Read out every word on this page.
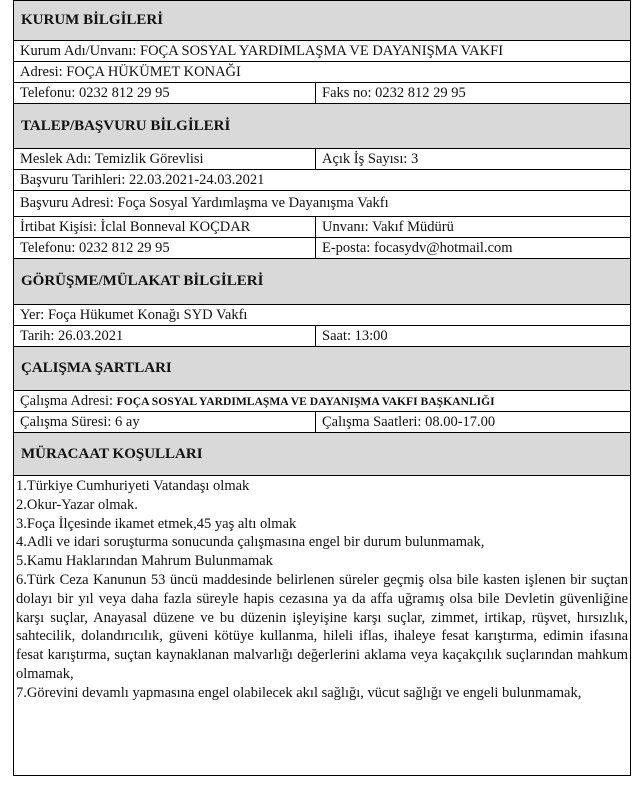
KURUM BİLGİLERİ
Kurum Adı/Unvanı: FOÇA SOSYAL YARDIMLAŞMA VE DAYANIŞMA VAKFI
Adresi: FOÇA HÜKÜMET KONAĞI
Telefonu: 0232 812 29 95	Faks no: 0232 812 29 95
TALEP/BAŞVURU BİLGİLERİ
Meslek Adı: Temizlik Görevlisi	Açık İş Sayısı: 3
Başvuru Tarihleri: 22.03.2021-24.03.2021
Başvuru Adresi: Foça Sosyal Yardımlaşma ve Dayanışma Vakfı
İrtibat Kişisi: İclal Bonneval KOÇDAR	Unvanı: Vakıf Müdürü
Telefonu: 0232 812 29 95	E-posta: focasydv@hotmail.com
GÖRÜŞME/MÜLAKAT BİLGİLERİ
Yer: Foça Hükumet Konağı SYD Vakfı
Tarih: 26.03.2021	Saat: 13:00
ÇALIŞMA ŞARTLARI
Çalışma Adresi: FOÇA SOSYAL YARDIMLAŞMA VE DAYANIŞMA VAKFI BAŞKANLIĞI
Çalışma Süresi: 6 ay	Çalışma Saatleri: 08.00-17.00
MÜRACAAT KOŞULLARI

1.Türkiye Cumhuriyeti Vatandaşı olmak

2.Okur-Yazar olmak.

3.Foça İlçesinde ikamet etmek,45 yaş altı olmak

4.Adli ve idari soruşturma sonucunda çalışmasına engel bir durum bulunmamak,

5.Kamu Haklarından Mahrum Bulunmamak

6.Türk Ceza Kanunun 53 üncü maddesinde belirlenen süreler geçmiş olsa bile kasten işlenen bir suçtan dolayı bir yıl veya daha fazla süreyle hapis cezasına ya da affa uğramış olsa bile Devletin güvenliğine karşı suçlar, Anayasal düzene ve bu düzenin işleyişine karşı suçlar, zimmet, irtikap, rüşvet, hırsızlık, sahtecilik, dolandırıcılık, güveni kötüye kullanma, hileli iflas, ihaleye fesat karıştırma, edimin ifasına fesat karıştırma, suçtan kaynaklanan malvarlığı değerlerini aklama veya kaçakçılık suçlarından mahkum olmamak,

7.Görevini devamlı yapmasına engel olabilecek akıl sağlığı, vücut sağlığı ve engeli bulunmamak,
